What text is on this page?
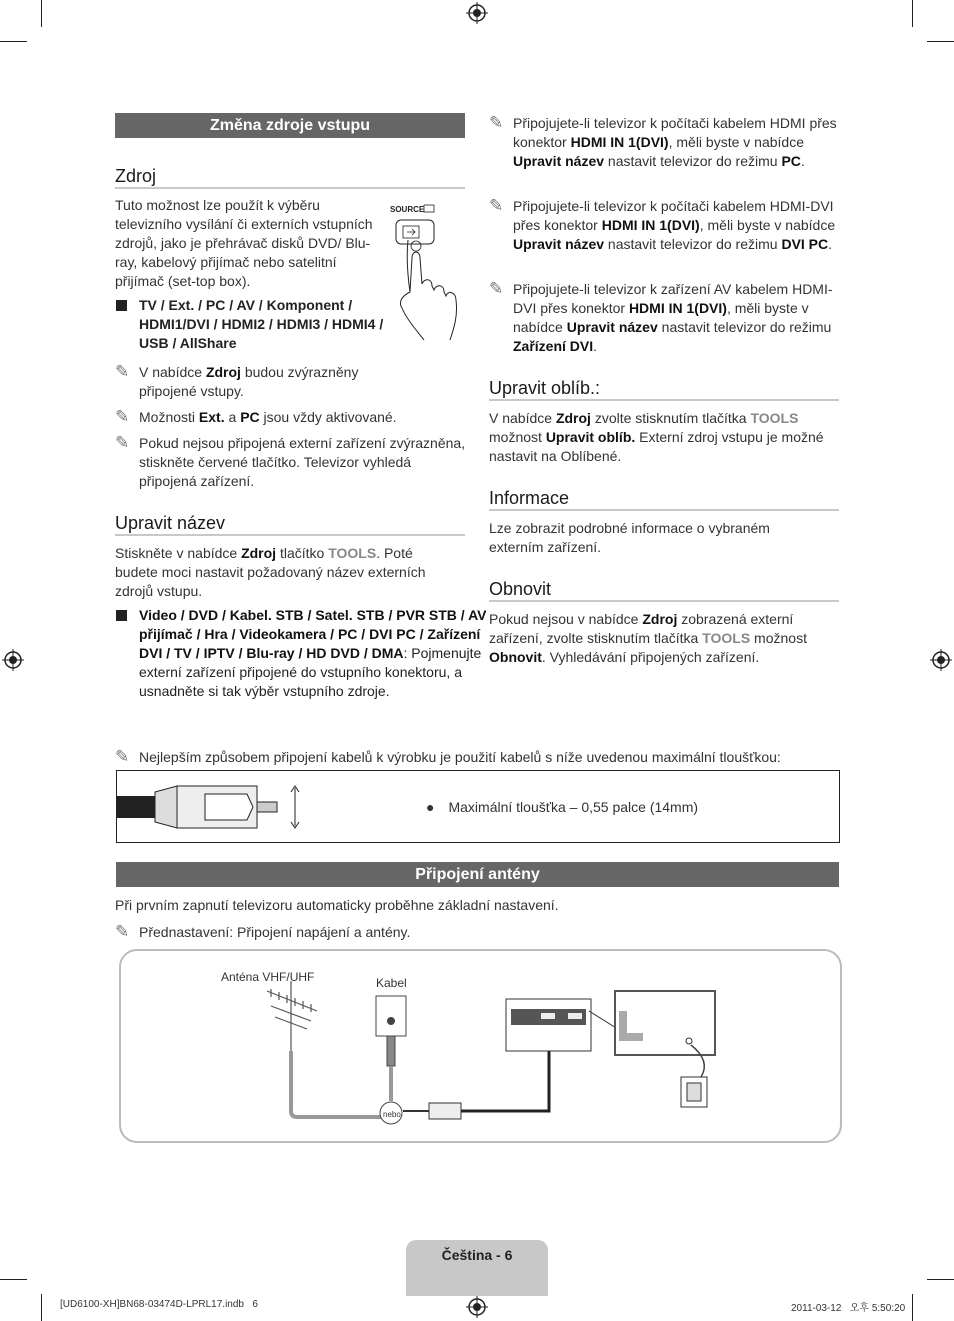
Změna zdroje vstupu
Zdroj
Tuto možnost lze použít k výběru televizního vysílání či externích vstupních zdrojů, jako je přehrávač disků DVD/ Blu-ray, kabelový přijímač nebo satelitní přijímač (set-top box).
SOURCE
TV / Ext. / PC / AV / Komponent / HDMI1/DVI / HDMI2 / HDMI3 / HDMI4 / USB / AllShare
✎ V nabídce Zdroj budou zvýrazněny připojené vstupy.
✎ Možnosti Ext. a PC jsou vždy aktivované.
✎ Pokud nejsou připojená externí zařízení zvýrazněna, stiskněte červené tlačítko. Televizor vyhledá připojená zařízení.
Upravit název
Stiskněte v nabídce Zdroj tlačítko TOOLS. Poté budete moci nastavit požadovaný název externích zdrojů vstupu.
Video / DVD / Kabel. STB / Satel. STB / PVR STB / AV přijímač / Hra / Videokamera / PC / DVI PC / Zařízení DVI / TV / IPTV / Blu-ray / HD DVD / DMA: Pojmenujte externí zařízení připojené do vstupního konektoru, a usnadněte si tak výběr vstupního zdroje.
✎ Připojujete-li televizor k počítači kabelem HDMI přes konektor HDMI IN 1(DVI), měli byste v nabídce Upravit název nastavit televizor do režimu PC.
✎ Připojujete-li televizor k počítači kabelem HDMI-DVI přes konektor HDMI IN 1(DVI), měli byste v nabídce Upravit název nastavit televizor do režimu DVI PC.
✎ Připojujete-li televizor k zařízení AV kabelem HDMI-DVI přes konektor HDMI IN 1(DVI), měli byste v nabídce Upravit název nastavit televizor do režimu Zařízení DVI.
Upravit oblíb.:
V nabídce Zdroj zvolte stisknutím tlačítka TOOLS možnost Upravit oblíb. Externí zdroj vstupu je možné nastavit na Oblíbené.
Informace
Lze zobrazit podrobné informace o vybraném externím zařízení.
Obnovit
Pokud nejsou v nabídce Zdroj zobrazená externí zařízení, zvolte stisknutím tlačítka TOOLS možnost Obnovit. Vyhledávání připojených zařízení.
✎ Nejlepším způsobem připojení kabelů k výrobku je použití kabelů s níže uvedenou maximální tloušťkou:
● Maximální tloušťka – 0,55 palce (14mm)
Připojení antény
Při prvním zapnutí televizoru automaticky proběhne základní nastavení.
✎ Přednastavení: Připojení napájení a antény.
Anténa VHF/UHF	Kabel
nebo
Čeština - 6
[UD6100-XH]BN68-03474D-LPRL17.indb   6	2011-03-12   오후 5:50:20
